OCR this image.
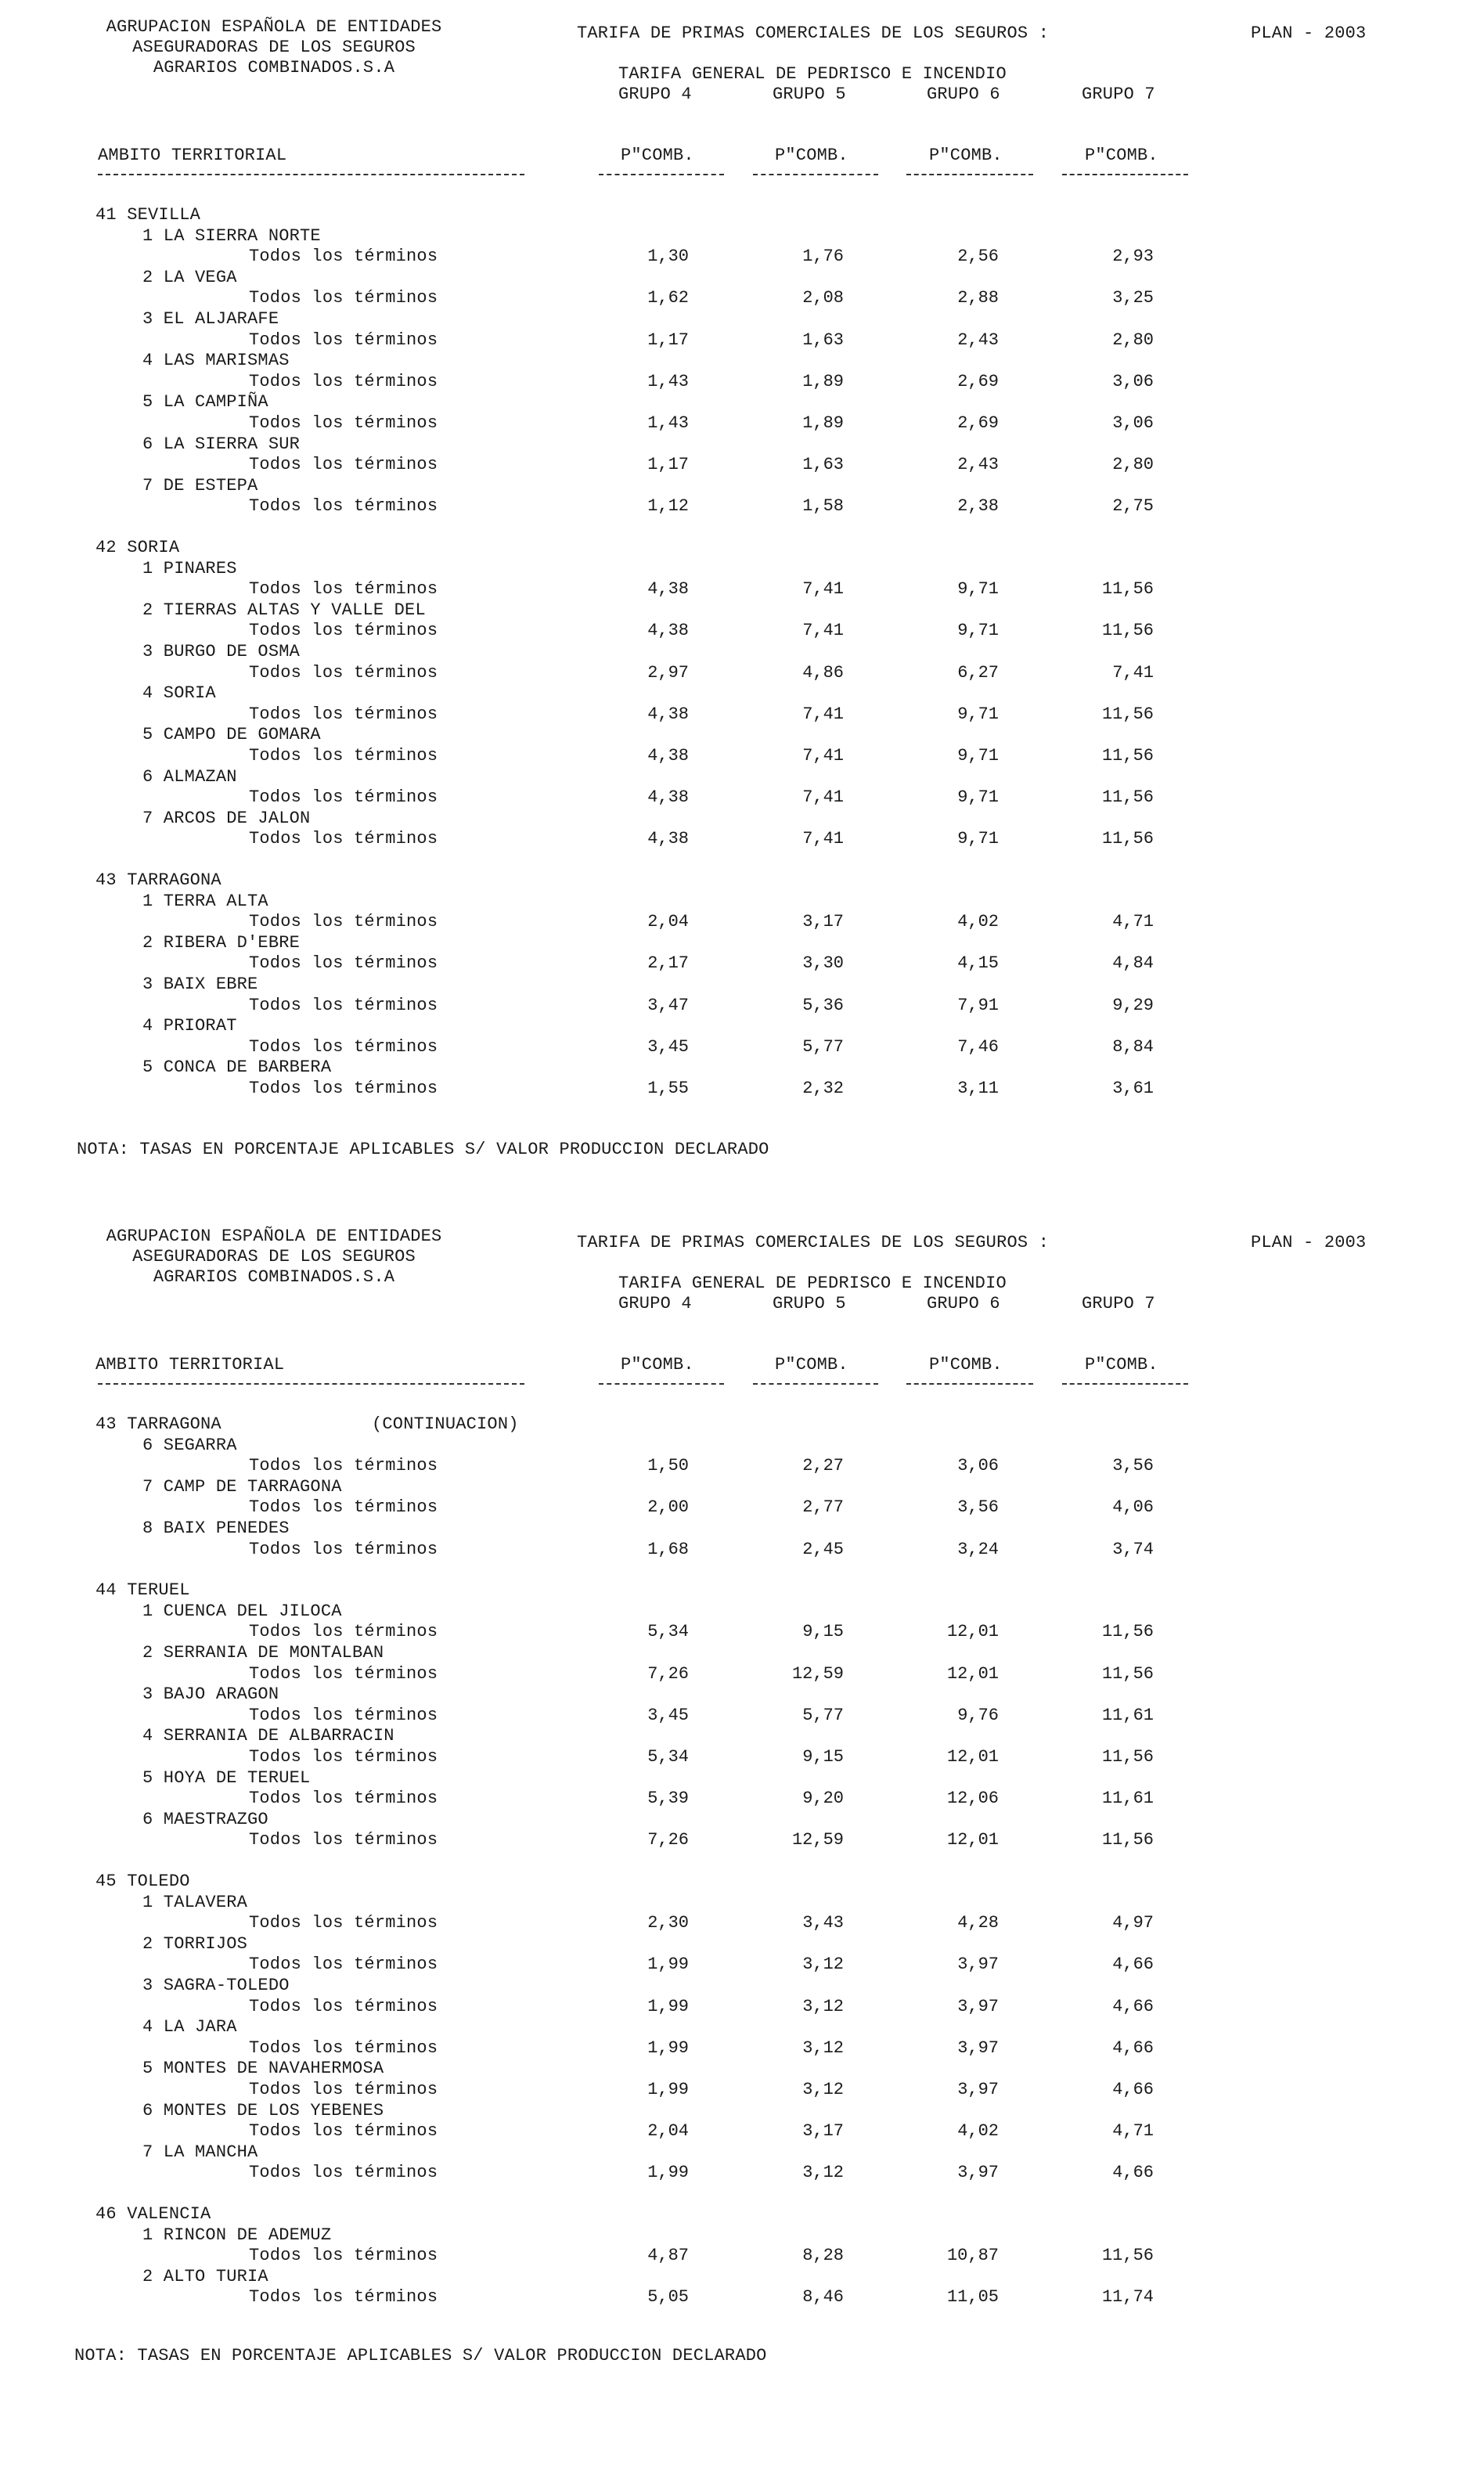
AGRUPACION ESPAÑOLA DE ENTIDADES
ASEGURADORAS DE LOS SEGUROS
AGRARIOS COMBINADOS.S.A
TARIFA DE PRIMAS COMERCIALES DE LOS SEGUROS :	PLAN - 2003
TARIFA GENERAL DE PEDRISCO E INCENDIO
GRUPO 4	GRUPO 5	GRUPO 6	GRUPO 7
AMBITO TERRITORIAL	P"COMB.	P"COMB.	P"COMB.	P"COMB.
41 SEVILLA
1 LA SIERRA NORTE
Todos los términos	1,30	1,76	2,56	2,93
2 LA VEGA
Todos los términos	1,62	2,08	2,88	3,25
3 EL ALJARAFE
Todos los términos	1,17	1,63	2,43	2,80
4 LAS MARISMAS
Todos los términos	1,43	1,89	2,69	3,06
5 LA CAMPIÑA
Todos los términos	1,43	1,89	2,69	3,06
6 LA SIERRA SUR
Todos los términos	1,17	1,63	2,43	2,80
7 DE ESTEPA
Todos los términos	1,12	1,58	2,38	2,75
42 SORIA
1 PINARES
Todos los términos	4,38	7,41	9,71	11,56
2 TIERRAS ALTAS Y VALLE DEL
Todos los términos	4,38	7,41	9,71	11,56
3 BURGO DE OSMA
Todos los términos	2,97	4,86	6,27	7,41
4 SORIA
Todos los términos	4,38	7,41	9,71	11,56
5 CAMPO DE GOMARA
Todos los términos	4,38	7,41	9,71	11,56
6 ALMAZAN
Todos los términos	4,38	7,41	9,71	11,56
7 ARCOS DE JALON
Todos los términos	4,38	7,41	9,71	11,56
43 TARRAGONA
1 TERRA ALTA
Todos los términos	2,04	3,17	4,02	4,71
2 RIBERA D'EBRE
Todos los términos	2,17	3,30	4,15	4,84
3 BAIX EBRE
Todos los términos	3,47	5,36	7,91	9,29
4 PRIORAT
Todos los términos	3,45	5,77	7,46	8,84
5 CONCA DE BARBERA
Todos los términos	1,55	2,32	3,11	3,61
NOTA: TASAS EN PORCENTAJE APLICABLES S/ VALOR PRODUCCION DECLARADO
AGRUPACION ESPAÑOLA DE ENTIDADES
ASEGURADORAS DE LOS SEGUROS
AGRARIOS COMBINADOS.S.A
TARIFA DE PRIMAS COMERCIALES DE LOS SEGUROS :	PLAN - 2003
TARIFA GENERAL DE PEDRISCO E INCENDIO
GRUPO 4	GRUPO 5	GRUPO 6	GRUPO 7
AMBITO TERRITORIAL	P"COMB.	P"COMB.	P"COMB.	P"COMB.
43 TARRAGONA	(CONTINUACION)
6 SEGARRA
Todos los términos	1,50	2,27	3,06	3,56
7 CAMP DE TARRAGONA
Todos los términos	2,00	2,77	3,56	4,06
8 BAIX PENEDES
Todos los términos	1,68	2,45	3,24	3,74
44 TERUEL
1 CUENCA DEL JILOCA
Todos los términos	5,34	9,15	12,01	11,56
2 SERRANIA DE MONTALBAN
Todos los términos	7,26	12,59	12,01	11,56
3 BAJO ARAGON
Todos los términos	3,45	5,77	9,76	11,61
4 SERRANIA DE ALBARRACIN
Todos los términos	5,34	9,15	12,01	11,56
5 HOYA DE TERUEL
Todos los términos	5,39	9,20	12,06	11,61
6 MAESTRAZGO
Todos los términos	7,26	12,59	12,01	11,56
45 TOLEDO
1 TALAVERA
Todos los términos	2,30	3,43	4,28	4,97
2 TORRIJOS
Todos los términos	1,99	3,12	3,97	4,66
3 SAGRA-TOLEDO
Todos los términos	1,99	3,12	3,97	4,66
4 LA JARA
Todos los términos	1,99	3,12	3,97	4,66
5 MONTES DE NAVAHERMOSA
Todos los términos	1,99	3,12	3,97	4,66
6 MONTES DE LOS YEBENES
Todos los términos	2,04	3,17	4,02	4,71
7 LA MANCHA
Todos los términos	1,99	3,12	3,97	4,66
46 VALENCIA
1 RINCON DE ADEMUZ
Todos los términos	4,87	8,28	10,87	11,56
2 ALTO TURIA
Todos los términos	5,05	8,46	11,05	11,74
NOTA: TASAS EN PORCENTAJE APLICABLES S/ VALOR PRODUCCION DECLARADO
